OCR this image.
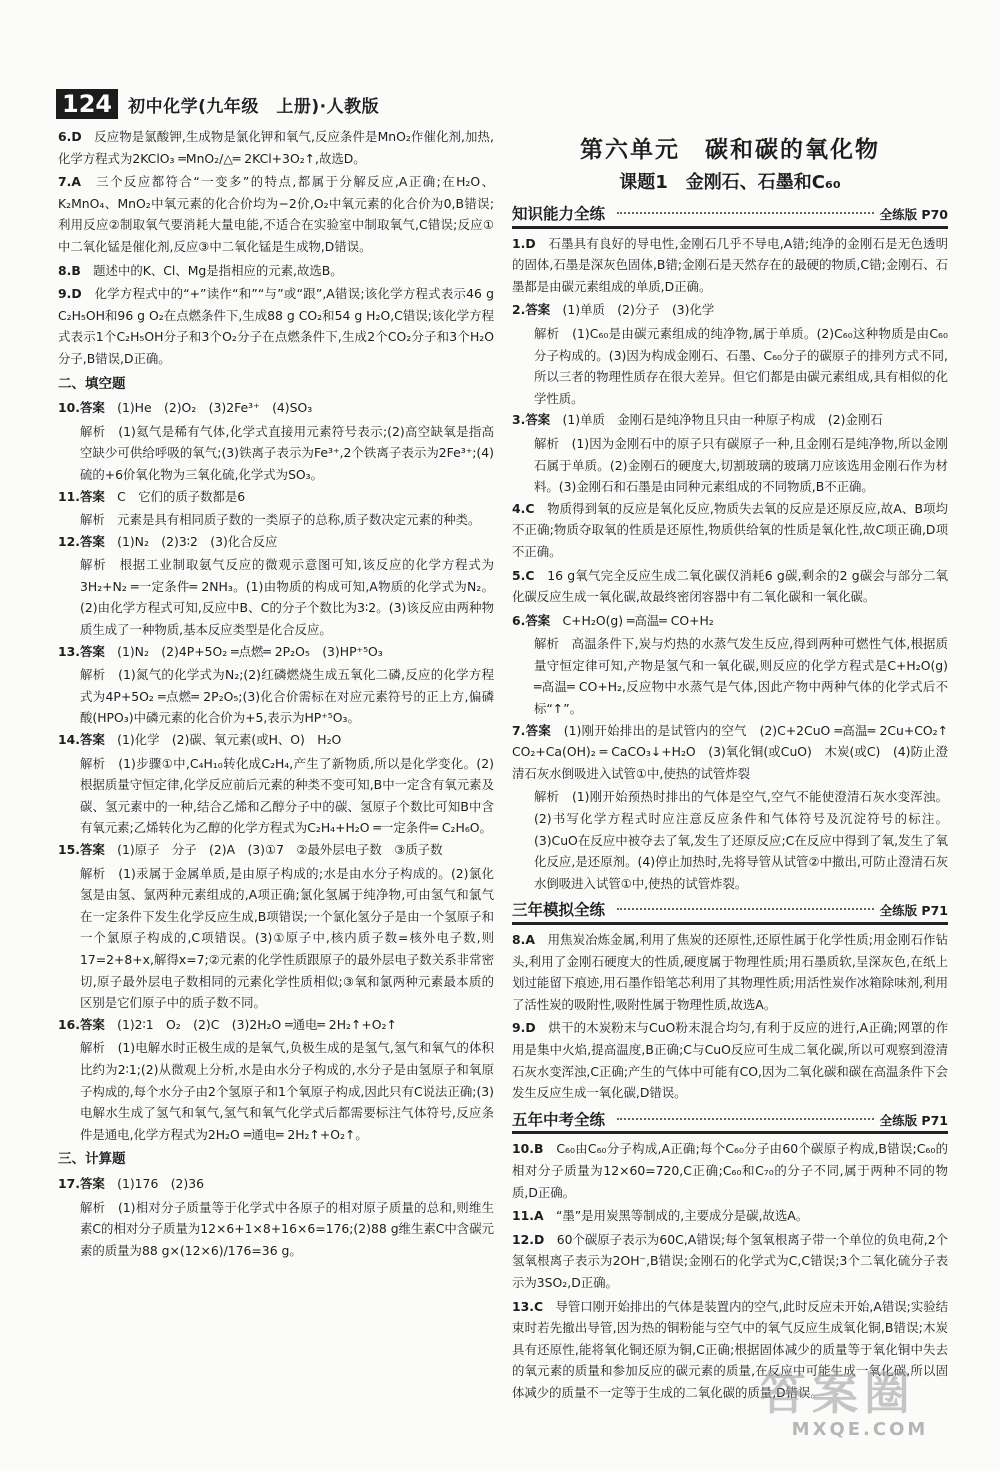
124 初中化学(九年级　上册)·人教版
6.D　 反应物是氯酸钾,生成物是氯化钾和氧气,反应条件是MnO₂作催化剂,加热,化学方程式为2KClO₃ ═MnO₂/△═ 2KCl+3O₂↑,故选D。
7.A　 三个反应都符合“一变多”的特点,都属于分解反应,A正确;在H₂O、K₂MnO₄、MnO₂中氧元素的化合价均为−2价,O₂中氧元素的化合价为0,B错误;利用反应②制取氧气要消耗大量电能,不适合在实验室中制取氧气,C错误;反应①中二氧化锰是催化剂,反应③中二氧化锰是生成物,D错误。
8.B　 题述中的K、Cl、Mg是指相应的元素,故选B。
9.D　 化学方程式中的“+”读作“和”“与”或“跟”,A错误;该化学方程式表示46 g C₂H₅OH和96 g O₂在点燃条件下,生成88 g CO₂和54 g H₂O,C错误;该化学方程式表示1个C₂H₅OH分子和3个O₂分子在点燃条件下,生成2个CO₂分子和3个H₂O分子,B错误,D正确。
二、填空题
10.答案　 (1)He　(2)O₂　(3)2Fe³⁺　(4)SO₃
解析　(1)氦气是稀有气体,化学式直接用元素符号表示;(2)高空缺氧是指高空缺少可供给呼吸的氧气;(3)铁离子表示为Fe³⁺,2个铁离子表示为2Fe³⁺;(4)硫的+6价氧化物为三氧化硫,化学式为SO₃。
11.答案　 C　它们的质子数都是6
解析　元素是具有相同质子数的一类原子的总称,质子数决定元素的种类。
12.答案　 (1)N₂　(2)3∶2　(3)化合反应
解析　根据工业制取氨气反应的微观示意图可知,该反应的化学方程式为3H₂+N₂ ═一定条件═ 2NH₃。(1)由物质的构成可知,A物质的化学式为N₂。(2)由化学方程式可知,反应中B、C的分子个数比为3∶2。(3)该反应由两种物质生成了一种物质,基本反应类型是化合反应。
13.答案　 (1)N₂　(2)4P+5O₂ ═点燃═ 2P₂O₅　(3)HP⁺⁵O₃
解析　(1)氮气的化学式为N₂;(2)红磷燃烧生成五氧化二磷,反应的化学方程式为4P+5O₂ ═点燃═ 2P₂O₅;(3)化合价需标在对应元素符号的正上方,偏磷酸(HPO₃)中磷元素的化合价为+5,表示为HP⁺⁵O₃。
14.答案　 (1)化学　(2)碳、氧元素(或H、O)　H₂O
解析　(1)步骤①中,C₄H₁₀转化成C₂H₄,产生了新物质,所以是化学变化。(2)根据质量守恒定律,化学反应前后元素的种类不变可知,B中一定含有氧元素及碳、氢元素中的一种,结合乙烯和乙醇分子中的碳、氢原子个数比可知B中含有氧元素;乙烯转化为乙醇的化学方程式为C₂H₄+H₂O ═一定条件═ C₂H₆O。
15.答案　 (1)原子　分子　(2)A　(3)①7　②最外层电子数　③质子数
解析　(1)汞属于金属单质,是由原子构成的;水是由水分子构成的。(2)氯化氢是由氢、氯两种元素组成的,A项正确;氯化氢属于纯净物,可由氢气和氯气在一定条件下发生化学反应生成,B项错误;一个氯化氢分子是由一个氢原子和一个氯原子构成的,C项错误。(3)①原子中,核内质子数=核外电子数,则17=2+8+x,解得x=7;②元素的化学性质跟原子的最外层电子数关系非常密切,原子最外层电子数相同的元素化学性质相似;③氧和氯两种元素最本质的区别是它们原子中的质子数不同。
16.答案　 (1)2∶1　O₂　(2)C　(3)2H₂O ═通电═ 2H₂↑+O₂↑
解析　(1)电解水时正极生成的是氧气,负极生成的是氢气,氢气和氧气的体积比约为2∶1;(2)从微观上分析,水是由水分子构成的,水分子是由氢原子和氧原子构成的,每个水分子由2个氢原子和1个氧原子构成,因此只有C说法正确;(3)电解水生成了氢气和氧气,氢气和氧气化学式后都需要标注气体符号,反应条件是通电,化学方程式为2H₂O ═通电═ 2H₂↑+O₂↑。
三、计算题
17.答案　 (1)176　(2)36
解析　(1)相对分子质量等于化学式中各原子的相对原子质量的总和,则维生素C的相对分子质量为12×6+1×8+16×6=176;(2)88 g维生素C中含碳元素的质量为88 g×(12×6)/176=36 g。
第六单元　碳和碳的氧化物
课题1　金刚石、石墨和C₆₀
知识能力全练	全练版 P70
1.D　 石墨具有良好的导电性,金刚石几乎不导电,A错;纯净的金刚石是无色透明的固体,石墨是深灰色固体,B错;金刚石是天然存在的最硬的物质,C错;金刚石、石墨都是由碳元素组成的单质,D正确。
2.答案　 (1)单质　(2)分子　(3)化学
解析　(1)C₆₀是由碳元素组成的纯净物,属于单质。(2)C₆₀这种物质是由C₆₀分子构成的。(3)因为构成金刚石、石墨、C₆₀分子的碳原子的排列方式不同,所以三者的物理性质存在很大差异。但它们都是由碳元素组成,具有相似的化学性质。
3.答案　 (1)单质　金刚石是纯净物且只由一种原子构成　(2)金刚石
解析　(1)因为金刚石中的原子只有碳原子一种,且金刚石是纯净物,所以金刚石属于单质。(2)金刚石的硬度大,切割玻璃的玻璃刀应该选用金刚石作为材料。(3)金刚石和石墨是由同种元素组成的不同物质,B不正确。
4.C　 物质得到氧的反应是氧化反应,物质失去氧的反应是还原反应,故A、B项均不正确;物质夺取氧的性质是还原性,物质供给氧的性质是氧化性,故C项正确,D项不正确。
5.C　 16 g氧气完全反应生成二氧化碳仅消耗6 g碳,剩余的2 g碳会与部分二氧化碳反应生成一氧化碳,故最终密闭容器中有二氧化碳和一氧化碳。
6.答案　 C+H₂O(g) ═高温═ CO+H₂
解析　高温条件下,炭与灼热的水蒸气发生反应,得到两种可燃性气体,根据质量守恒定律可知,产物是氢气和一氧化碳,则反应的化学方程式是C+H₂O(g) ═高温═ CO+H₂,反应物中水蒸气是气体,因此产物中两种气体的化学式后不标“↑”。
7.答案　 (1)刚开始排出的是试管内的空气　(2)C+2CuO ═高温═ 2Cu+CO₂↑　CO₂+Ca(OH)₂ ═ CaCO₃↓+H₂O　(3)氧化铜(或CuO)　木炭(或C)　(4)防止澄清石灰水倒吸进入试管①中,使热的试管炸裂
解析　(1)刚开始预热时排出的气体是空气,空气不能使澄清石灰水变浑浊。(2)书写化学方程式时应注意反应条件和气体符号及沉淀符号的标注。(3)CuO在反应中被夺去了氧,发生了还原反应;C在反应中得到了氧,发生了氧化反应,是还原剂。(4)停止加热时,先将导管从试管②中撤出,可防止澄清石灰水倒吸进入试管①中,使热的试管炸裂。
三年模拟全练	全练版 P71
8.A　 用焦炭冶炼金属,利用了焦炭的还原性,还原性属于化学性质;用金刚石作钻头,利用了金刚石硬度大的性质,硬度属于物理性质;用石墨质软,呈深灰色,在纸上划过能留下痕迹,用石墨作铅笔芯利用了其物理性质;用活性炭作冰箱除味剂,利用了活性炭的吸附性,吸附性属于物理性质,故选A。
9.D　 烘干的木炭粉末与CuO粉末混合均匀,有利于反应的进行,A正确;网罩的作用是集中火焰,提高温度,B正确;C与CuO反应可生成二氧化碳,所以可观察到澄清石灰水变浑浊,C正确;产生的气体中可能有CO,因为二氧化碳和碳在高温条件下会发生反应生成一氧化碳,D错误。
五年中考全练	全练版 P71
10.B　 C₆₀由C₆₀分子构成,A正确;每个C₆₀分子由60个碳原子构成,B错误;C₆₀的相对分子质量为12×60=720,C正确;C₆₀和C₇₀的分子不同,属于两种不同的物质,D正确。
11.A　 “墨”是用炭黑等制成的,主要成分是碳,故选A。
12.D　 60个碳原子表示为60C,A错误;每个氢氧根离子带一个单位的负电荷,2个氢氧根离子表示为2OH⁻,B错误;金刚石的化学式为C,C错误;3个二氧化硫分子表示为3SO₂,D正确。
13.C　 导管口刚开始排出的气体是装置内的空气,此时反应未开始,A错误;实验结束时若先撤出导管,因为热的铜粉能与空气中的氧气反应生成氧化铜,B错误;木炭具有还原性,能将氧化铜还原为铜,C正确;根据固体减少的质量等于氧化铜中失去的氧元素的质量和参加反应的碳元素的质量,在反应中可能生成一氧化碳,所以固体减少的质量不一定等于生成的二氧化碳的质量,D错误。
答案圈
MXQE.COM
